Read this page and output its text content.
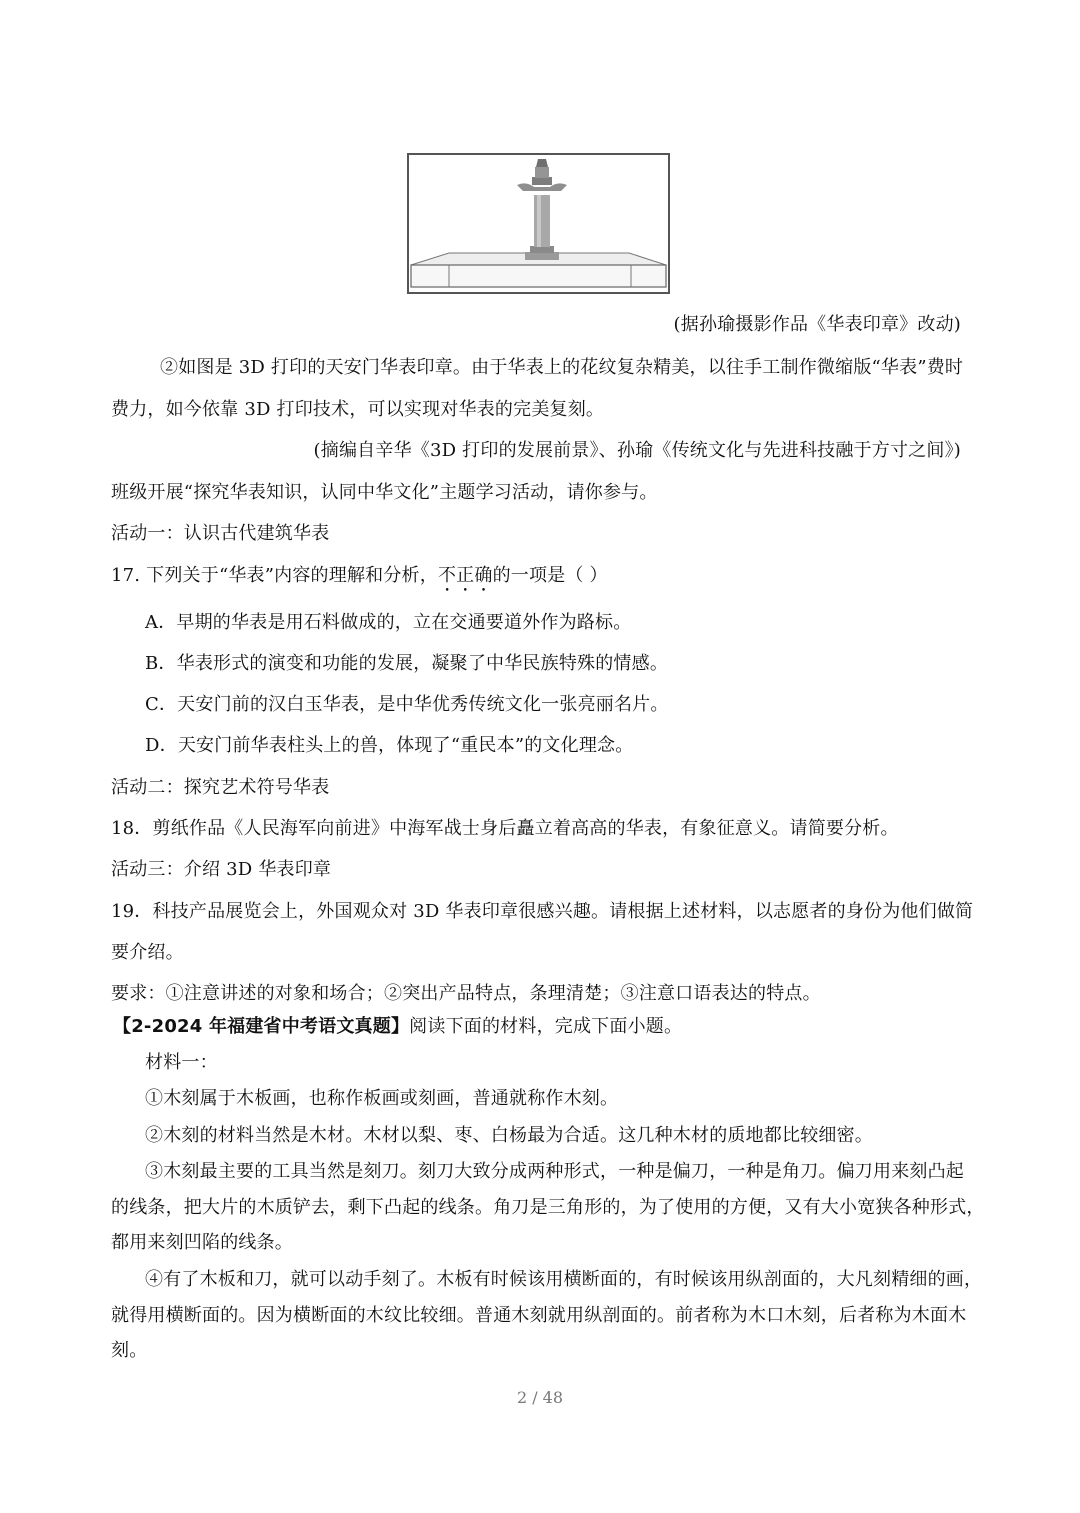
(据孙瑜摄影作品《华表印章》改动)
②如图是 3D 打印的天安门华表印章。由于华表上的花纹复杂精美，以往手工制作微缩版“华表”费时
费力，如今依靠 3D 打印技术，可以实现对华表的完美复刻。
(摘编自辛华《3D 打印的发展前景》、孙瑜《传统文化与先进科技融于方寸之间》)
班级开展“探究华表知识，认同中华文化”主题学习活动，请你参与。
活动一：认识古代建筑华表
17. 下列关于“华表”内容的理解和分析，不正确的一项是（ ）
A．早期的华表是用石料做成的，立在交通要道外作为路标。
B．华表形式的演变和功能的发展，凝聚了中华民族特殊的情感。
C．天安门前的汉白玉华表，是中华优秀传统文化一张亮丽名片。
D．天安门前华表柱头上的兽，体现了“重民本”的文化理念。
活动二：探究艺术符号华表
18．剪纸作品《人民海军向前进》中海军战士身后矗立着高高的华表，有象征意义。请简要分析。
活动三：介绍 3D 华表印章
19．科技产品展览会上，外国观众对 3D 华表印章很感兴趣。请根据上述材料，以志愿者的身份为他们做简
要介绍。
要求：①注意讲述的对象和场合；②突出产品特点，条理清楚；③注意口语表达的特点。
【2-2024 年福建省中考语文真题】阅读下面的材料，完成下面小题。
材料一：
①木刻属于木板画，也称作板画或刻画，普通就称作木刻。
②木刻的材料当然是木材。木材以梨、枣、白杨最为合适。这几种木材的质地都比较细密。
③木刻最主要的工具当然是刻刀。刻刀大致分成两种形式，一种是偏刀，一种是角刀。偏刀用来刻凸起
的线条，把大片的木质铲去，剩下凸起的线条。角刀是三角形的，为了使用的方便，又有大小宽狭各种形式，
都用来刻凹陷的线条。
④有了木板和刀，就可以动手刻了。木板有时候该用横断面的，有时候该用纵剖面的，大凡刻精细的画，
就得用横断面的。因为横断面的木纹比较细。普通木刻就用纵剖面的。前者称为木口木刻，后者称为木面木
刻。
2 / 48
